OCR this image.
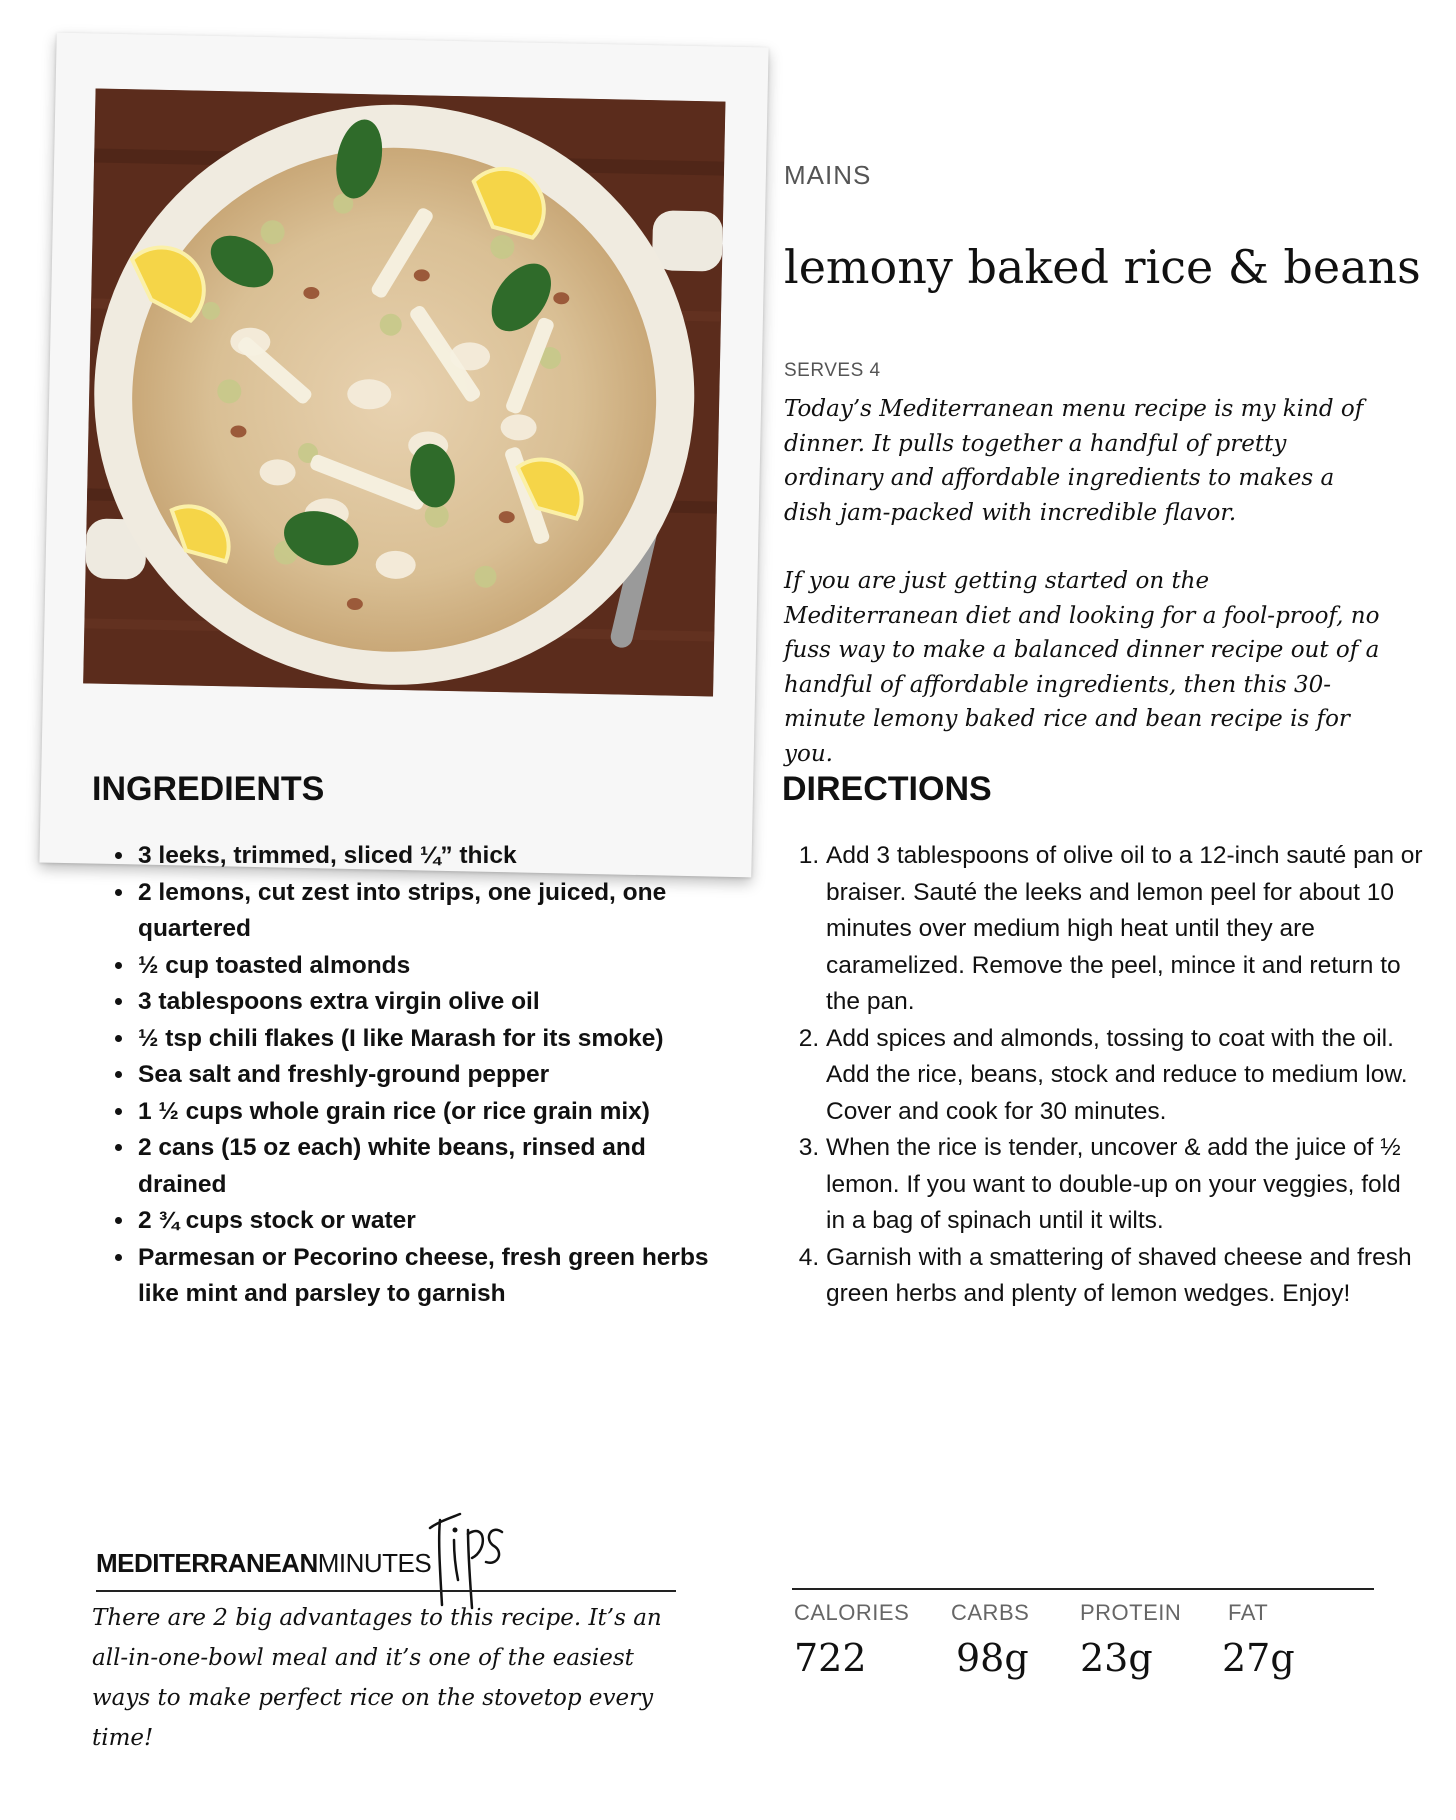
MAINS
lemony baked rice & beans
SERVES 4

Today’s Mediterranean menu recipe is my kind of dinner. It pulls together a handful of pretty ordinary and affordable ingredients to makes a dish jam-packed with incredible flavor.

If you are just getting started on the Mediterranean diet and looking for a fool-proof, no fuss way to make a balanced dinner recipe out of a handful of affordable ingredients, then this 30-minute lemony baked rice and bean recipe is for you.

INGREDIENTS
• 3 leeks, trimmed, sliced ¼” thick
• 2 lemons, cut zest into strips, one juiced, one quartered
• ½ cup toasted almonds
• 3 tablespoons extra virgin olive oil
• ½ tsp chili flakes (I like Marash for its smoke)
• Sea salt and freshly-ground pepper
• 1 ½ cups whole grain rice (or rice grain mix)
• 2 cans (15 oz each) white beans, rinsed and drained
• 2 ¾ cups stock or water
• Parmesan or Pecorino cheese, fresh green herbs like mint and parsley to garnish
DIRECTIONS
1. Add 3 tablespoons of olive oil to a 12-inch sauté pan or braiser. Sauté the leeks and lemon peel for about 10 minutes over medium high heat until they are caramelized. Remove the peel, mince it and return to the pan.
2. Add spices and almonds, tossing to coat with the oil. Add the rice, beans, stock and reduce to medium low. Cover and cook for 30 minutes.
3. When the rice is tender, uncover & add the juice of ½ lemon. If you want to double-up on your veggies, fold in a bag of spinach until it wilts.
4. Garnish with a smattering of shaved cheese and fresh green herbs and plenty of lemon wedges. Enjoy!
MEDITERRANEANMINUTES

There are 2 big advantages to this recipe. It’s an all-in-one-bowl meal and it’s one of the easiest ways to make perfect rice on the stovetop every time!

CALORIES CARBS PROTEIN FAT
722 98g 23g 27g
